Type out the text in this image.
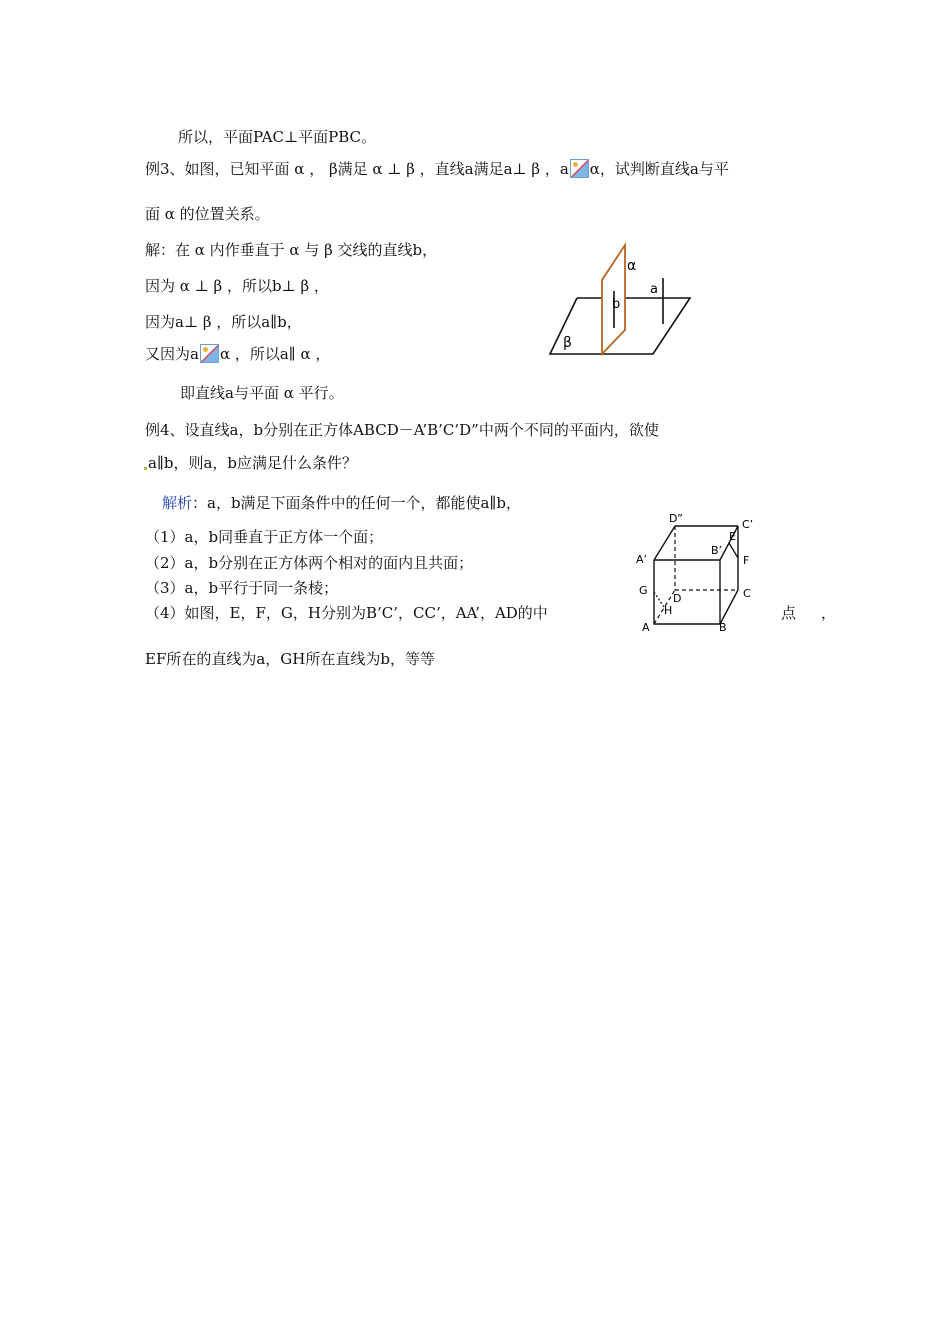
所以，平面PAC⊥平面PBC。
例3、如图，已知平面 α ， β满足 α ⊥ β ，直线a满足a⊥ β ，a α，试判断直线a与平
面 α 的位置关系。
解：在 α 内作垂直于 α 与 β 交线的直线b，
因为 α ⊥ β ，所以b⊥ β ，
因为a⊥ β ，所以a∥b，
又因为a α ，所以a∥ α ，
即直线a与平面 α 平行。
α
β
a
b
例4、设直线a，b分别在正方体ABCD－A’B’C’D”中两个不同的平面内，欲使
a∥b，则a，b应满足什么条件？
解析：a，b满足下面条件中的任何一个，都能使a∥b，
（1）a，b同垂直于正方体一个面；
（2）a，b分别在正方体两个相对的面内且共面；
（3）a，b平行于同一条棱；
（4）如图，E，F，G，H分别为B’C’，CC’，AA’，AD的中	点 ，
EF所在的直线为a，GH所在直线为b，等等
D”	C’
E
B’
A’	F
G	C
D
H
A	B
